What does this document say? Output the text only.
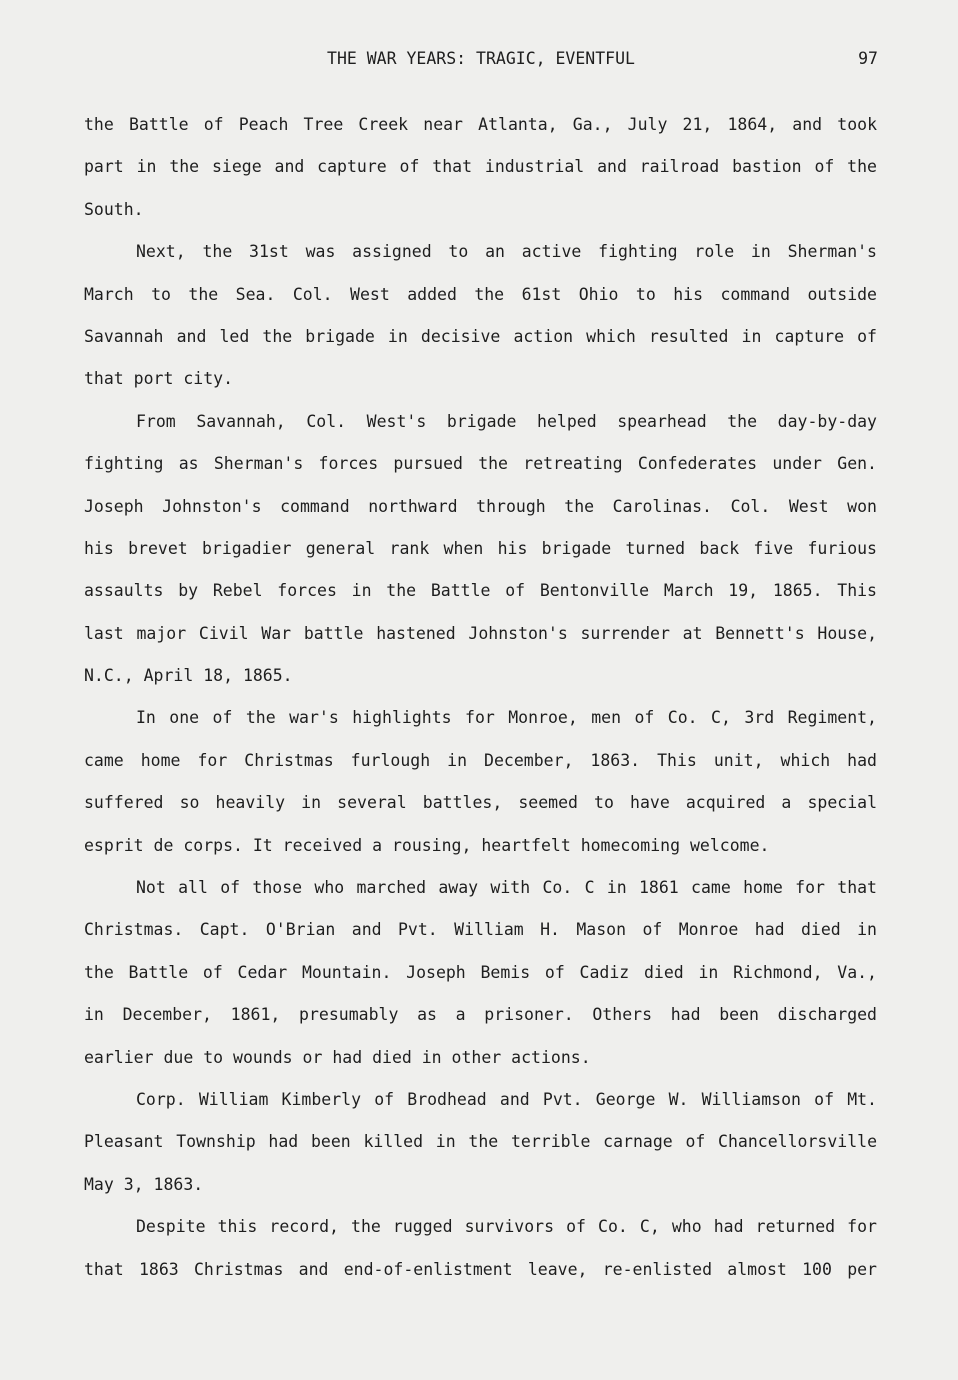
THE WAR YEARS: TRAGIC, EVENTFUL	97
the Battle of Peach Tree Creek near Atlanta, Ga., July 21, 1864, and took
part in the siege and capture of that industrial and railroad bastion of the
South.
Next, the 31st was assigned to an active fighting role in Sherman's
March to the Sea. Col. West added the 61st Ohio to his command outside
Savannah and led the brigade in decisive action which resulted in capture of
that port city.
From Savannah, Col. West's brigade helped spearhead the day-by-day
fighting as Sherman's forces pursued the retreating Confederates under Gen.
Joseph Johnston's command northward through the Carolinas. Col. West won
his brevet brigadier general rank when his brigade turned back five furious
assaults by Rebel forces in the Battle of Bentonville March 19, 1865. This
last major Civil War battle hastened Johnston's surrender at Bennett's House,
N.C., April 18, 1865.
In one of the war's highlights for Monroe, men of Co. C, 3rd Regiment,
came home for Christmas furlough in December, 1863. This unit, which had
suffered so heavily in several battles, seemed to have acquired a special
esprit de corps. It received a rousing, heartfelt homecoming welcome.
Not all of those who marched away with Co. C in 1861 came home for that
Christmas. Capt. O'Brian and Pvt. William H. Mason of Monroe had died in
the Battle of Cedar Mountain. Joseph Bemis of Cadiz died in Richmond, Va.,
in December, 1861, presumably as a prisoner. Others had been discharged
earlier due to wounds or had died in other actions.
Corp. William Kimberly of Brodhead and Pvt. George W. Williamson of Mt.
Pleasant Township had been killed in the terrible carnage of Chancellorsville
May 3, 1863.
Despite this record, the rugged survivors of Co. C, who had returned for
that 1863 Christmas and end-of-enlistment leave, re-enlisted almost 100 per
